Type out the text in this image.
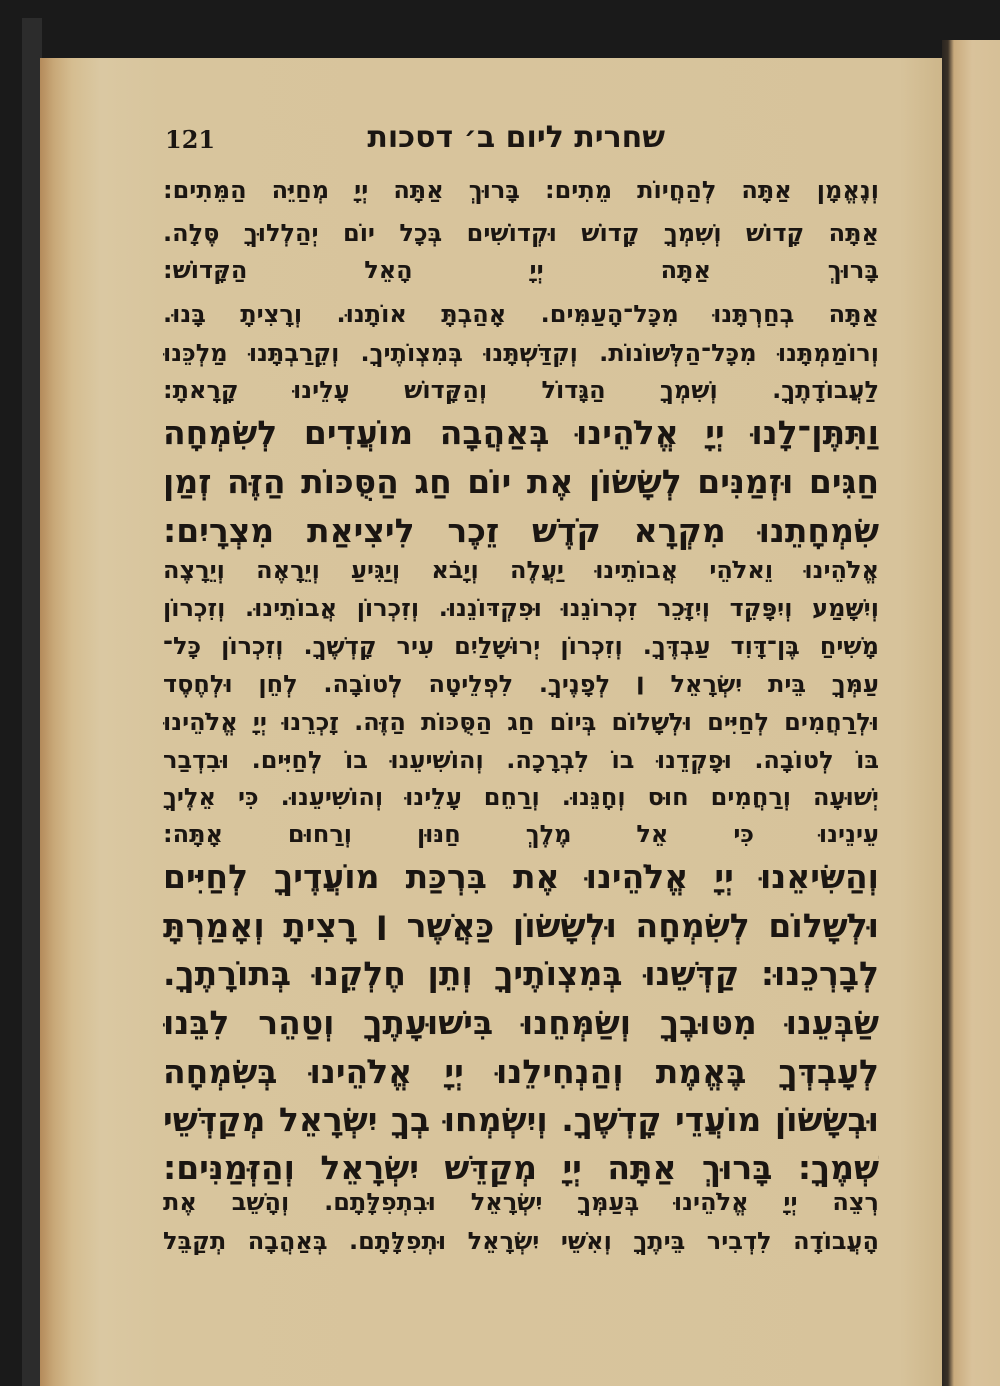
121	שחרית ליום ב׳ דסכות
וְנֶאֱמָן אַתָּה לְהַחֲיוֹת מֵתִים: בָּרוּךְ אַתָּה יְיָ מְחַיֵּה הַמֵּתִים:
אַתָּה קָדוֹשׁ וְשִׁמְךָ קָדוֹשׁ וּקְדוֹשִׁים בְּכָל יוֹם יְהַלְלוּךָ סֶּלָה.
בָּרוּךְ אַתָּה יְיָ הָאֵל הַקָּדוֹשׁ:
אַתָּה בְחַרְתָּנוּ מִכָּל־הָעַמִּים. אָהַבְתָּ אוֹתָנוּ. וְרָצִיתָ בָּנוּ.
וְרוֹמַמְתָּנוּ מִכָּל־הַלְּשׁוֹנוֹת. וְקִדַּשְׁתָּנוּ בְּמִצְוֹתֶיךָ. וְקֵרַבְתָּנוּ מַלְכֵּנוּ
לַעֲבוֹדָתֶךָ. וְשִׁמְךָ הַגָּדוֹל וְהַקָּדוֹשׁ עָלֵינוּ קָרָאתָ:
וַתִּתֶּן־לָנוּ יְיָ אֱלֹהֵינוּ בְּאַהֲבָה מוֹעֲדִים לְשִׂמְחָה
חַגִּים וּזְמַנִּים לְשָׂשׂוֹן אֶת יוֹם חַג הַסֻּכּוֹת הַזֶּה זְמַן
שִׂמְחָתֵנוּ מִקְרָא קֹדֶשׁ זֵכֶר לִיצִיאַת מִצְרָיִם:
אֱלֹהֵינוּ וֵאלֹהֵי אֲבוֹתֵינוּ יַעֲלֶה וְיָבֹא וְיַגִּיעַ וְיֵרָאֶה וְיֵרָצֶה
וְיִשָּׁמַע וְיִפָּקֵד וְיִזָּכֵר זִכְרוֹנֵנוּ וּפִקְדּוֹנֵנוּ. וְזִכְרוֹן אֲבוֹתֵינוּ. וְזִכְרוֹן
מָשִׁיחַ בֶּן־דָּוִד עַבְדֶּךָ. וְזִכְרוֹן יְרוּשָׁלַיִם עִיר קָדְשֶׁךָ. וְזִכְרוֹן כָּל־
עַמְּךָ בֵּית יִשְׂרָאֵל ׀ לְפָנֶיךָ. לִפְלֵיטָה לְטוֹבָה. לְחֵן וּלְחֶסֶד
וּלְרַחֲמִים לְחַיִּים וּלְשָׁלוֹם בְּיוֹם חַג הַסֻּכּוֹת הַזֶּה. זָכְרֵנוּ יְיָ אֱלֹהֵינוּ
בּוֹ לְטוֹבָה. וּפָקְדֵנוּ בוֹ לִבְרָכָה. וְהוֹשִׁיעֵנוּ בוֹ לְחַיִּים. וּבִדְבַר
יְשׁוּעָה וְרַחֲמִים חוּס וְחָנֵּנוּ. וְרַחֵם עָלֵינוּ וְהוֹשִׁיעֵנוּ. כִּי אֵלֶיךָ
עֵינֵינוּ כִּי אֵל מֶלֶךְ חַנּוּן וְרַחוּם אָתָּה:
וְהַשִּׂיאֵנוּ יְיָ אֱלֹהֵינוּ אֶת בִּרְכַּת מוֹעֲדֶיךָ לְחַיִּים
וּלְשָׁלוֹם לְשִׂמְחָה וּלְשָׂשׂוֹן כַּאֲשֶׁר ׀ רָצִיתָ וְאָמַרְתָּ
לְבָרְכֵנוּ: קַדְּשֵׁנוּ בְּמִצְוֹתֶיךָ וְתֵן חֶלְקֵנוּ בְּתוֹרָתֶךָ.
שַׂבְּעֵנוּ מִטּוּבֶךָ וְשַׂמְּחֵנוּ בִּישׁוּעָתֶךָ וְטַהֵר לִבֵּנוּ
לְעָבְדְּךָ בֶּאֱמֶת וְהַנְחִילֵנוּ יְיָ אֱלֹהֵינוּ בְּשִׂמְחָה
וּבְשָׂשׂוֹן מוֹעֲדֵי קָדְשֶׁךָ. וְיִשְׂמְחוּ בְךָ יִשְׂרָאֵל מְקַדְּשֵׁי
שְׁמֶךָ: בָּרוּךְ אַתָּה יְיָ מְקַדֵּשׁ יִשְׂרָאֵל וְהַזְּמַנִּים:
רְצֵה יְיָ אֱלֹהֵינוּ בְּעַמְּךָ יִשְׂרָאֵל וּבִתְפִלָּתָם. וְהָשֵׁב אֶת
הָעֲבוֹדָה לִדְבִיר בֵּיתֶךָ וְאִשֵּׁי יִשְׂרָאֵל וּתְפִלָּתָם. בְּאַהֲבָה תְקַבֵּל
